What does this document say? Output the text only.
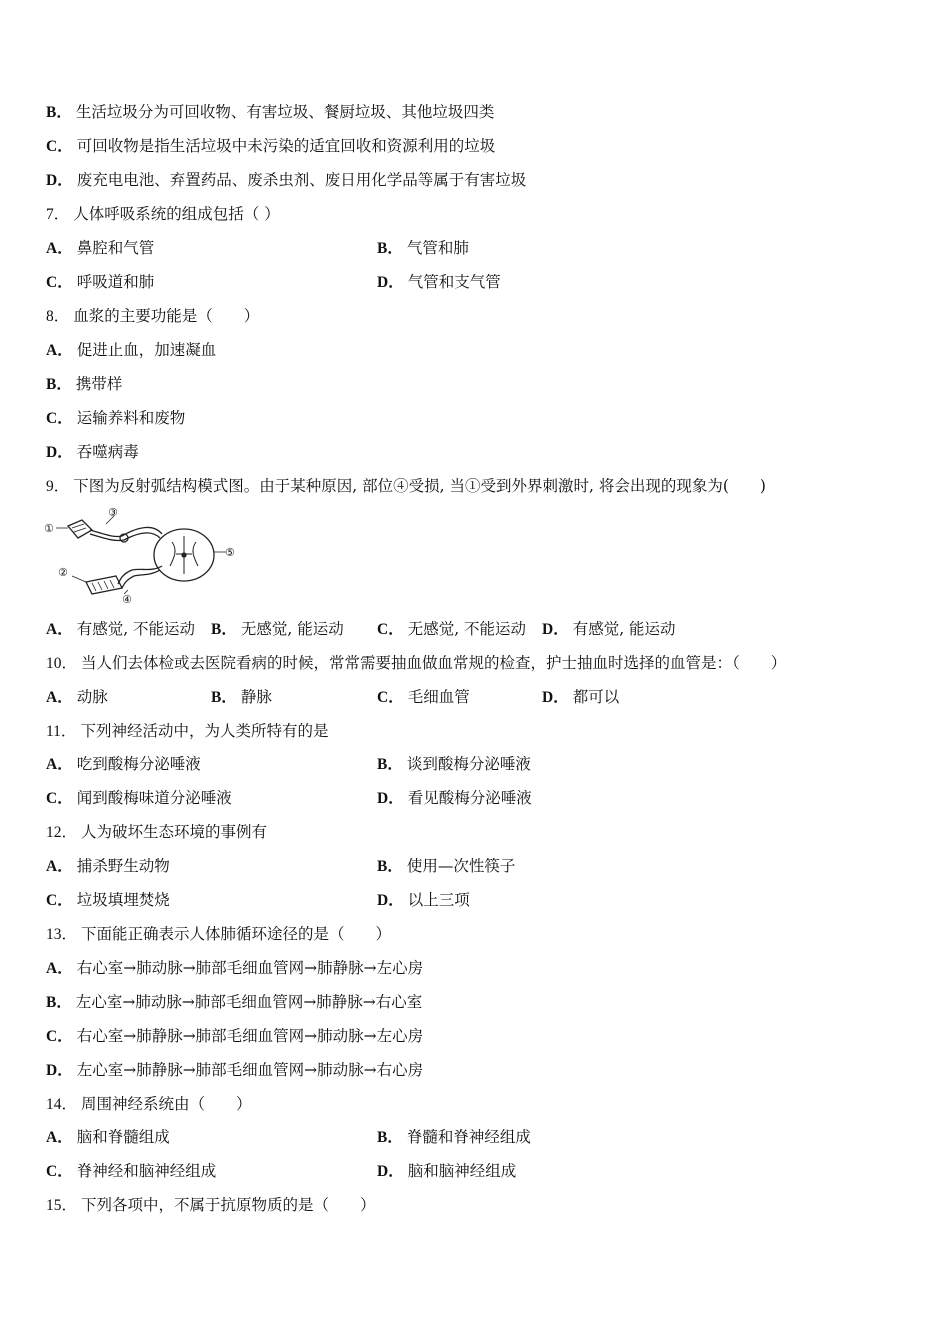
B． 生活垃圾分为可回收物、有害垃圾、餐厨垃圾、其他垃圾四类
C． 可回收物是指生活垃圾中未污染的适宜回收和资源利用的垃圾
D． 废充电电池、弃置药品、废杀虫剂、废日用化学品等属于有害垃圾
7． 人体呼吸系统的组成包括（ ）
A． 鼻腔和气管	B． 气管和肺
C． 呼吸道和肺	D． 气管和支气管
8． 血浆的主要功能是（　　）
A． 促进止血，加速凝血
B． 携带样
C． 运输养料和废物
D． 吞噬病毒
9． 下图为反射弧结构模式图。由于某种原因, 部位④受损, 当①受到外界刺激时, 将会出现的现象为(　　)
①
③
②
④
⑤
A． 有感觉, 不能运动 B． 无感觉, 能运动 C． 无感觉, 不能运动 D． 有感觉, 能运动
10． 当人们去体检或去医院看病的时候，常常需要抽血做血常规的检查，护士抽血时选择的血管是：（　　）
A． 动脉	B． 静脉	C． 毛细血管	D． 都可以
11． 下列神经活动中，为人类所特有的是
A． 吃到酸梅分泌唾液	B． 谈到酸梅分泌唾液
C． 闻到酸梅味道分泌唾液	D． 看见酸梅分泌唾液
12． 人为破坏生态环境的事例有
A． 捕杀野生动物	B． 使用—次性筷子
C． 垃圾填埋焚烧	D． 以上三项
13． 下面能正确表示人体肺循环途径的是（　　）
A． 右心室→肺动脉→肺部毛细血管网→肺静脉→左心房
B． 左心室→肺动脉→肺部毛细血管网→肺静脉→右心室
C． 右心室→肺静脉→肺部毛细血管网→肺动脉→左心房
D． 左心室→肺静脉→肺部毛细血管网→肺动脉→右心房
14． 周围神经系统由（　　）
A． 脑和脊髓组成	B． 脊髓和脊神经组成
C． 脊神经和脑神经组成	D． 脑和脑神经组成
15． 下列各项中，不属于抗原物质的是（　　）
